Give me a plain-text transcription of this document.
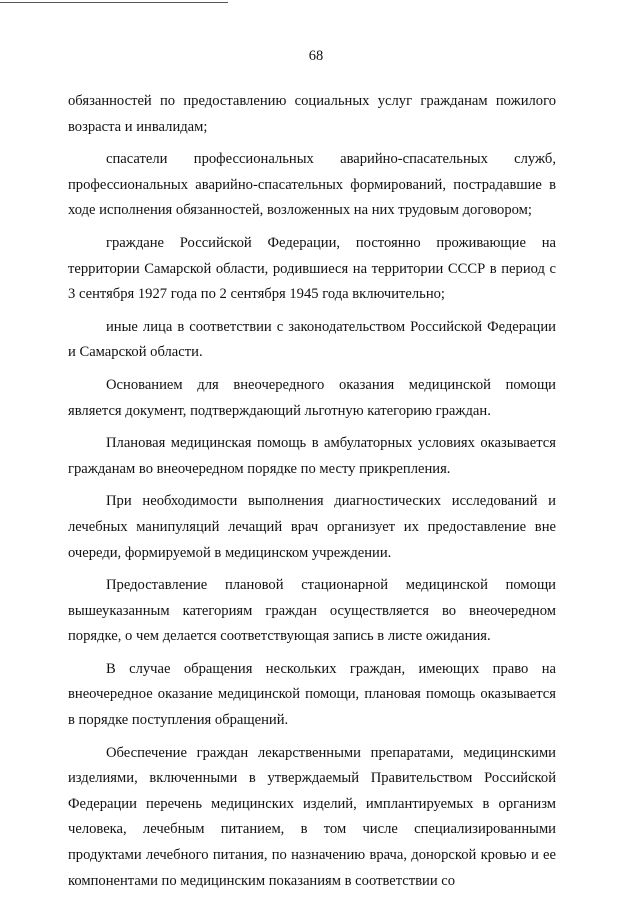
68

обязанностей по предоставлению социальных услуг гражданам пожилого возраста и инвалидам;

спасатели профессиональных аварийно-спасательных служб, профессиональных аварийно-спасательных формирований, пострадавшие в ходе исполнения обязанностей, возложенных на них трудовым договором;

граждане Российской Федерации, постоянно проживающие на территории Самарской области, родившиеся на территории СССР в период с 3 сентября 1927 года по 2 сентября 1945 года включительно;

иные лица в соответствии с законодательством Российской Федерации и Самарской области.

Основанием для внеочередного оказания медицинской помощи является документ, подтверждающий льготную категорию граждан.

Плановая медицинская помощь в амбулаторных условиях оказывается гражданам во внеочередном порядке по месту прикрепления.

При необходимости выполнения диагностических исследований и лечебных манипуляций лечащий врач организует их предоставление вне очереди, формируемой в медицинском учреждении.

Предоставление плановой стационарной медицинской помощи вышеуказанным категориям граждан осуществляется во внеочередном порядке, о чем делается соответствующая запись в листе ожидания.

В случае обращения нескольких граждан, имеющих право на внеочередное оказание медицинской помощи, плановая помощь оказывается в порядке поступления обращений.

Обеспечение граждан лекарственными препаратами, медицинскими изделиями, включенными в утверждаемый Правительством Российской Федерации перечень медицинских изделий, имплантируемых в организм человека, лечебным питанием, в том числе специализированными продуктами лечебного питания, по назначению врача, донорской кровью и ее компонентами по медицинским показаниям в соответствии со
